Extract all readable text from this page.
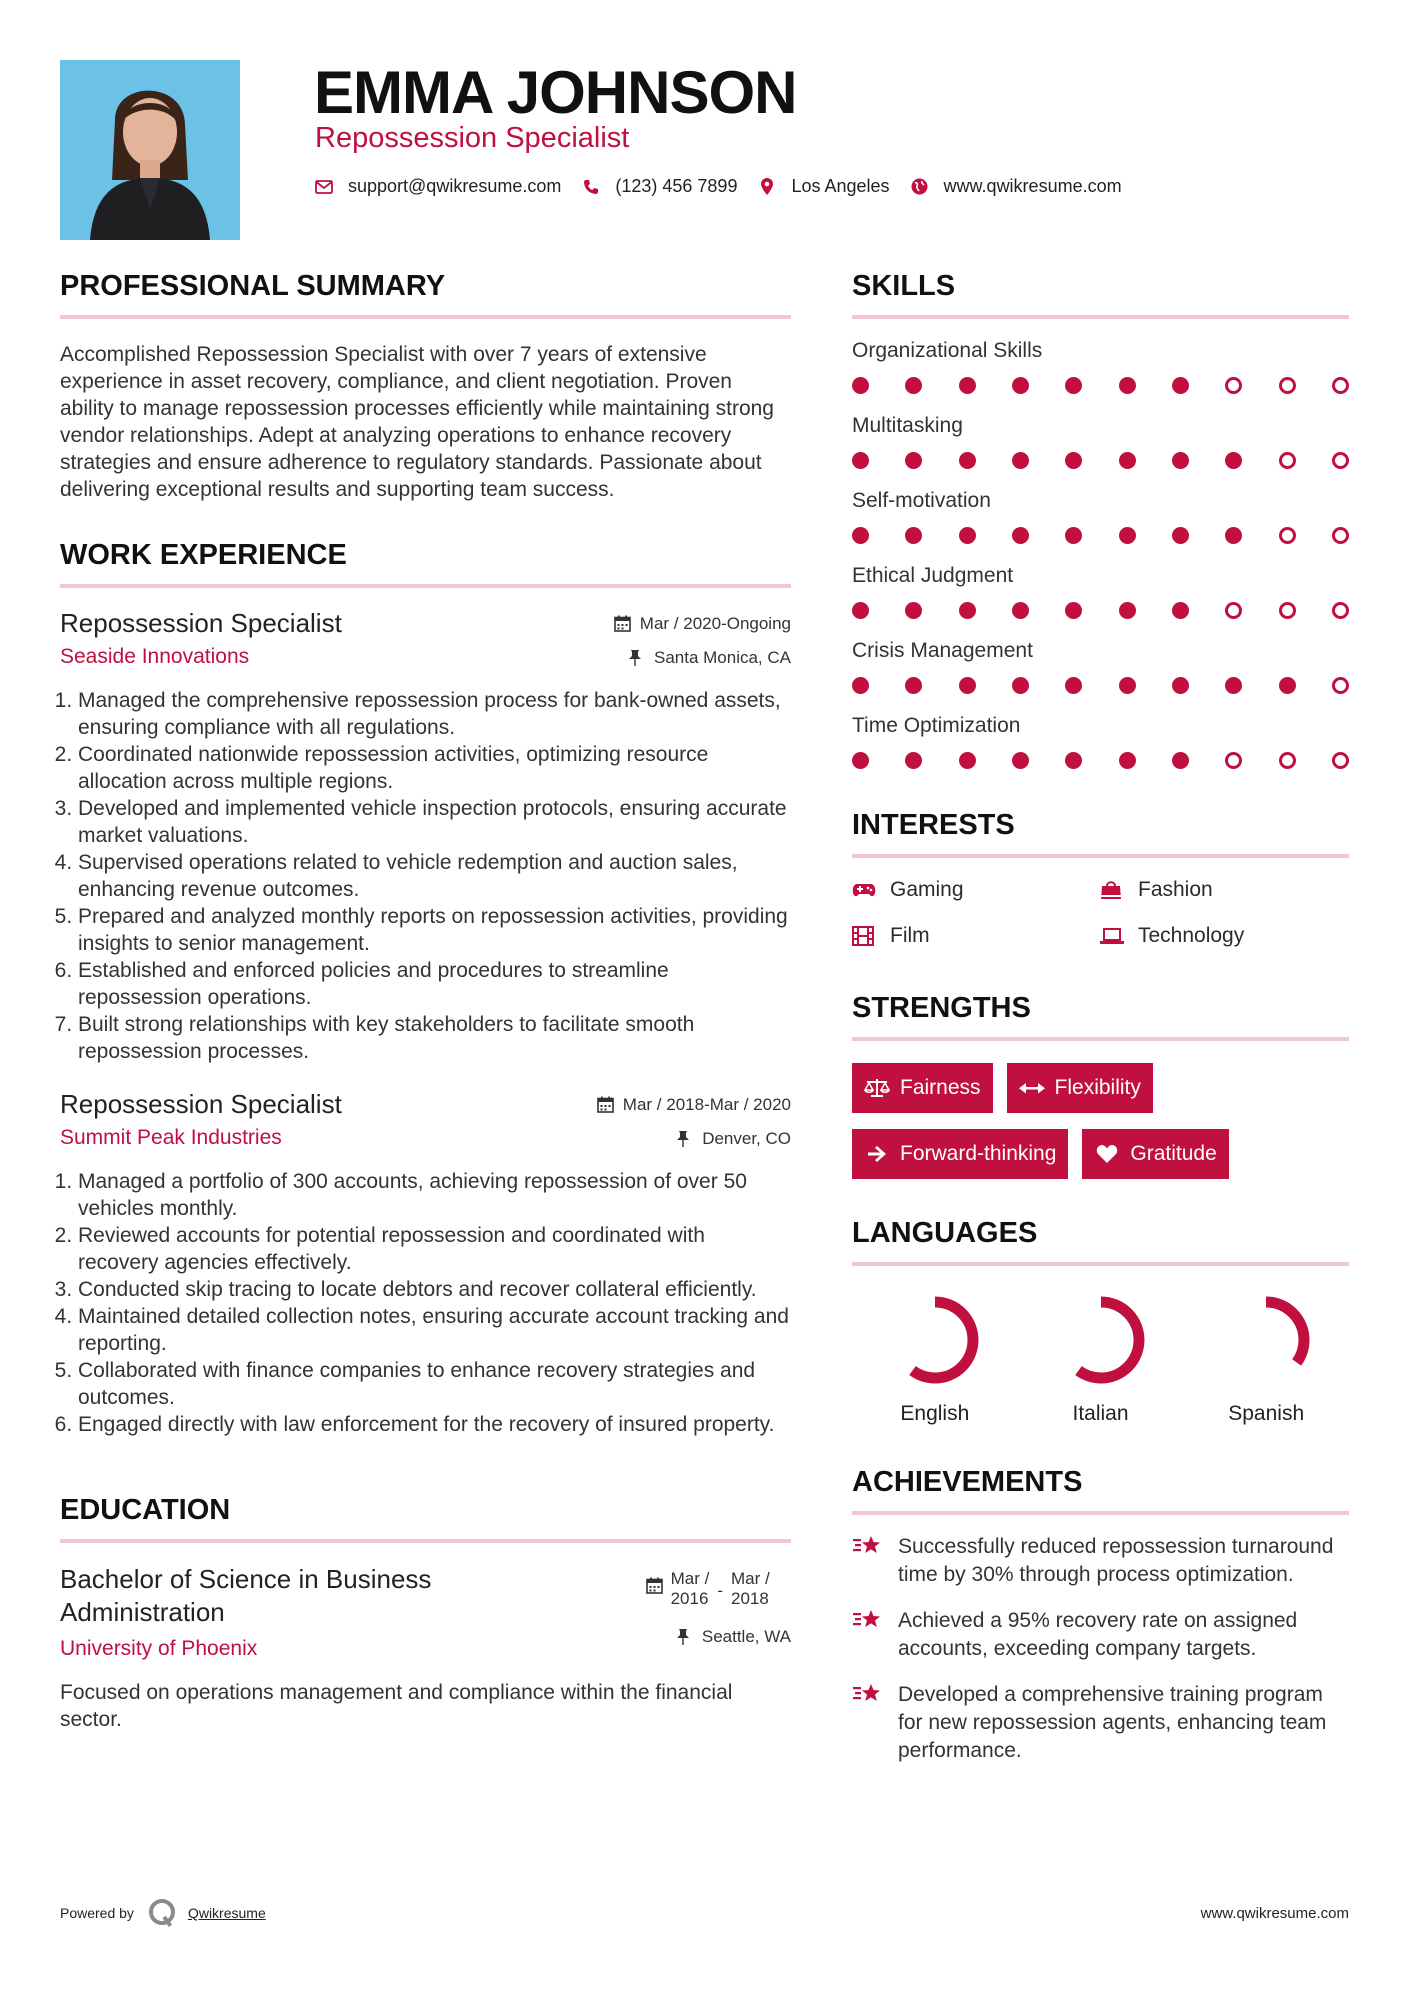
EMMA JOHNSON
Repossession Specialist
support@qwikresume.com	(123) 456 7899	Los Angeles	www.qwikresume.com
PROFESSIONAL SUMMARY
Accomplished Repossession Specialist with over 7 years of extensive experience in asset recovery, compliance, and client negotiation. Proven ability to manage repossession processes efficiently while maintaining strong vendor relationships. Adept at analyzing operations to enhance recovery strategies and ensure adherence to regulatory standards. Passionate about delivering exceptional results and supporting team success.
WORK EXPERIENCE
Repossession Specialist
Seaside Innovations
Mar / 2020-Ongoing
Santa Monica, CA
1. Managed the comprehensive repossession process for bank-owned assets, ensuring compliance with all regulations.
2. Coordinated nationwide repossession activities, optimizing resource allocation across multiple regions.
3. Developed and implemented vehicle inspection protocols, ensuring accurate market valuations.
4. Supervised operations related to vehicle redemption and auction sales, enhancing revenue outcomes.
5. Prepared and analyzed monthly reports on repossession activities, providing insights to senior management.
6. Established and enforced policies and procedures to streamline repossession operations.
7. Built strong relationships with key stakeholders to facilitate smooth repossession processes.
Repossession Specialist
Summit Peak Industries
Mar / 2018-Mar / 2020
Denver, CO
1. Managed a portfolio of 300 accounts, achieving repossession of over 50 vehicles monthly.
2. Reviewed accounts for potential repossession and coordinated with recovery agencies effectively.
3. Conducted skip tracing to locate debtors and recover collateral efficiently.
4. Maintained detailed collection notes, ensuring accurate account tracking and reporting.
5. Collaborated with finance companies to enhance recovery strategies and outcomes.
6. Engaged directly with law enforcement for the recovery of insured property.
EDUCATION
Bachelor of Science in Business Administration
University of Phoenix
Mar /
2016 -
Mar /
2018
Seattle, WA
Focused on operations management and compliance within the financial sector.
SKILLS
Organizational Skills
Multitasking
Self-motivation
Ethical Judgment
Crisis Management
Time Optimization
INTERESTS
Gaming	Fashion
Film	Technology
STRENGTHS
Fairness	Flexibility
Forward-thinking	Gratitude
LANGUAGES
English	Italian	Spanish
ACHIEVEMENTS
Successfully reduced repossession turnaround time by 30% through process optimization.
Achieved a 95% recovery rate on assigned accounts, exceeding company targets.
Developed a comprehensive training program for new repossession agents, enhancing team performance.
Powered by	Qwikresume	www.qwikresume.com
